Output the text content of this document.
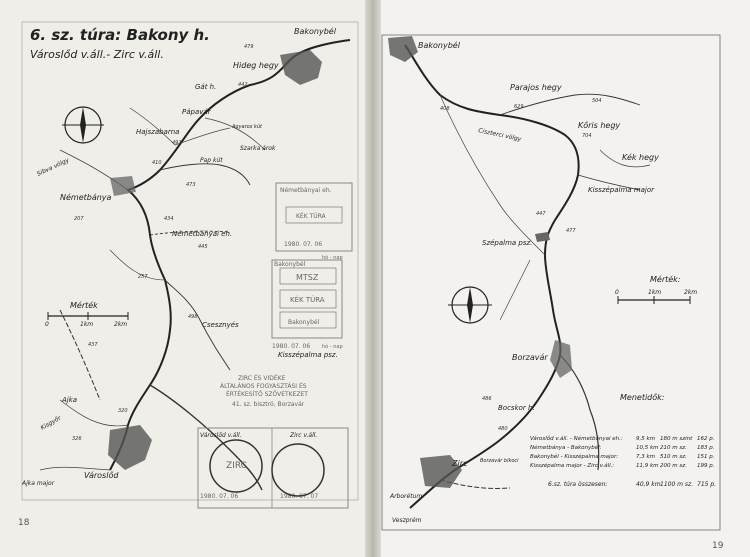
6. sz. túra: Bakony h.
Városlőd v.áll.- Zirc v.áll.
Bakonybél
Hideg hegy
Gát h.
Pápavár
Hajszabarna
Agyaros kút
Szarka árok
Pap kút
Sibva völgy
Németbánya
Németbányai eh.
Csesznyés
Ajka
Ajka major
Kisgyőr
Városlőd
479
442
491
410
473
434
445
257
207
498
437
326
320
Mérték
0	1km	2km
Németbányai eh.
KÉK TÚRA
1980. 07. 06
hó - nap
Bakonybél
MTSZ
KÉK TÚRA
Bakonybél
1980. 07. 06 hó - nap
Kisszépalma psz.
ZIRC ÉS VIDÉKE
ÁLTALÁNOS FOGYASZTÁSI ÉS
ÉRTÉKESÍTŐ SZÖVETKEZET
41. sz. bisztró, Borzavár
Városlőd v.áll.	Zirc v.áll.
1980. 07. 06	1980. 07. 07
ZIRC
18
Bakonybél
Parajos hegy
Kőris hegy
Kék hegy
Kisszépalma major
Szépalma psz.
Borzavár
Bocskor h.
Zirc
Arborétum
Veszprém
Borzavár bikoci
Ciszterci völgy
504
629
704
408
447
477
486
480
Mérték:
0	1km	2km
Menetidők:
Városlőd v.áll. - Németbányai eh.: 9,5 km 180 m szint 162 p.
Németbánya - Bakonybél:	10,5 km 210 m sz. 183 p.
Bakonybél - Kisszépalma major:	7,3 km 510 m sz. 151 p.
Kisszépalma major - Zirc v.áll.:	11,9 km 200 m sz. 199 p.
6.sz. túra összesen:	40,9 km 1100 m sz. 715 p.
19
